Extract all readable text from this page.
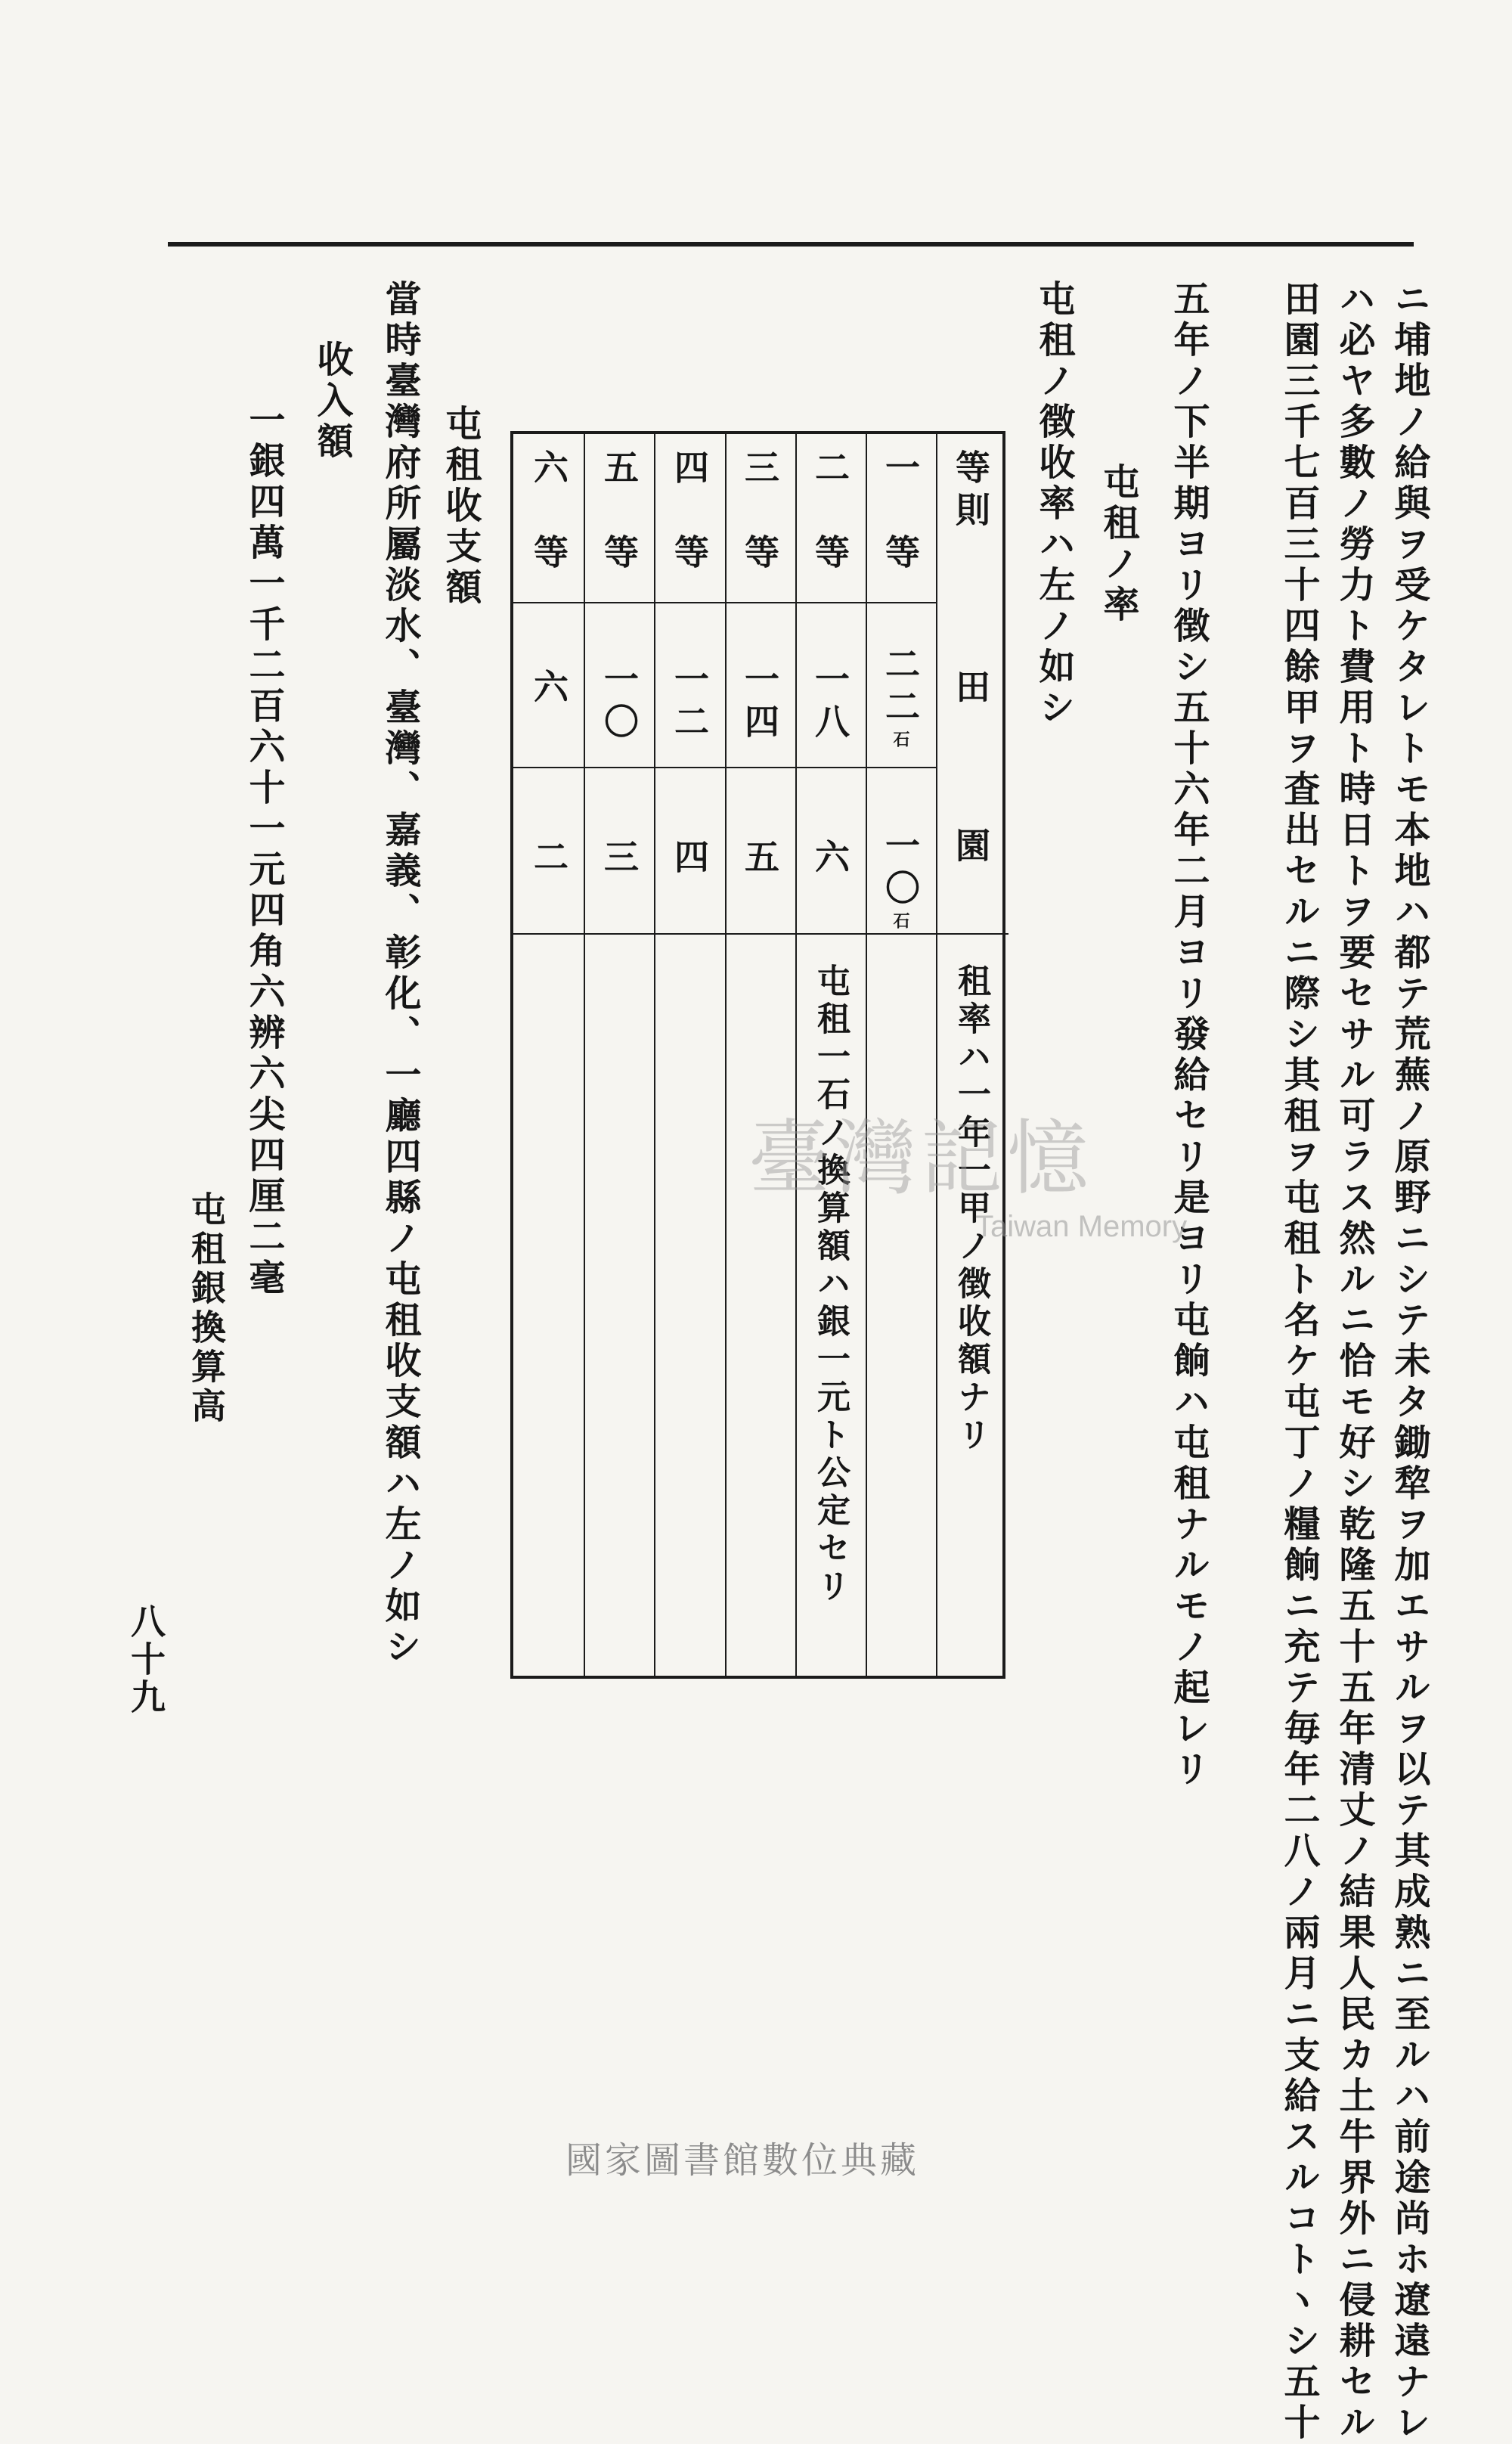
ニ埔地ノ給與ヲ受ケタレトモ本地ハ都テ荒蕪ノ原野ニシテ未タ鋤犂ヲ加エサルヲ以テ其成熟ニ至ルハ前途尚ホ遼遠ナレ
ハ必ヤ多數ノ勞力ト費用ト時日トヲ要セサル可ラス然ルニ恰モ好シ乾隆五十五年清丈ノ結果人民カ土牛界外ニ侵耕セル
田園三千七百三十四餘甲ヲ査出セルニ際シ其租ヲ屯租ト名ケ屯丁ノ糧餉ニ充テ毎年二八ノ兩月ニ支給スルコトヽシ五十
五年ノ下半期ヨリ徴シ五十六年二月ヨリ發給セリ是ヨリ屯餉ハ屯租ナルモノ起レリ
屯租ノ率
屯租ノ徴收率ハ左ノ如シ
等則
田
園
租率ハ一年一甲ノ徴收額ナリ
一　等
二二石
一〇石
二　等
一八
六
三　等
一四
五
四　等
一二
四
五　等
一〇
三
六　等
六
二
屯租一石ノ換算額ハ銀一元ト公定セリ
屯租收支額
當時臺灣府所屬淡水、臺灣、嘉義、彰化、一廳四縣ノ屯租收支額ハ左ノ如シ
收入額
一銀四萬一千二百六十一元四角六辨六尖四厘二毫
屯租銀換算高
八十九
臺灣記憶
Taiwan Memory
國家圖書館數位典藏
